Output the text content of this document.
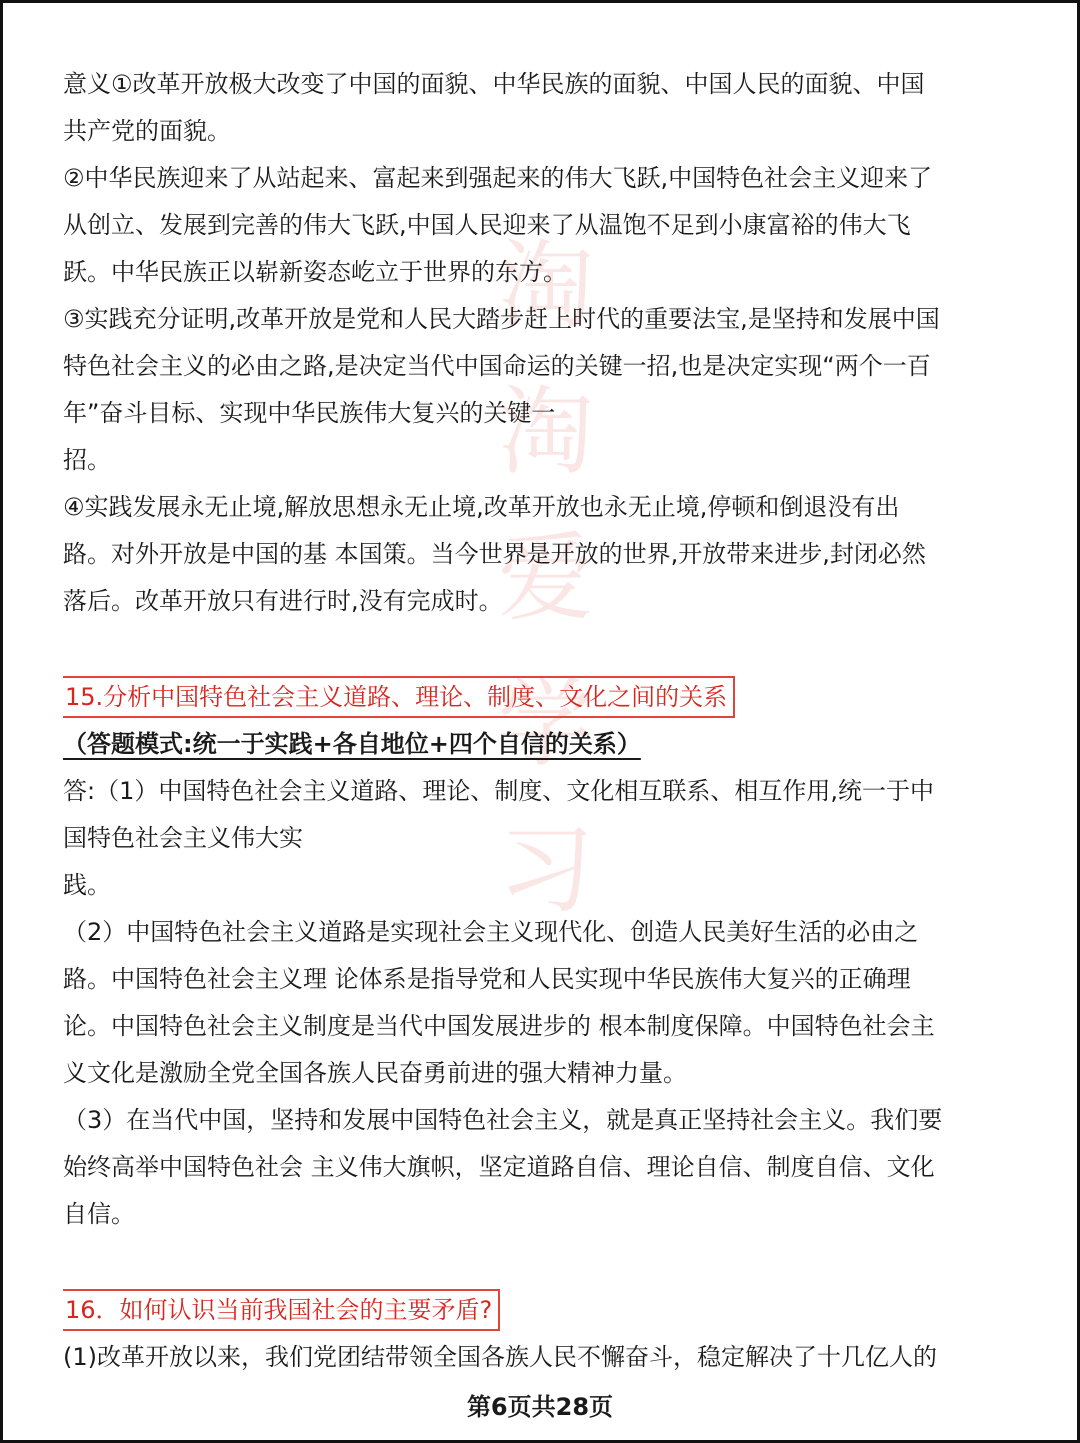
淘
淘
爱
学
习

意义①改革开放极大改变了中国的面貌、中华民族的面貌、中国人民的面貌、中国

共产党的面貌。

②中华民族迎来了从站起来、富起来到强起来的伟大飞跃,中国特色社会主义迎来了

从创立、发展到完善的伟大飞跃,中国人民迎来了从温饱不足到小康富裕的伟大飞

跃。中华民族正以崭新姿态屹立于世界的东方。

③实践充分证明,改革开放是党和人民大踏步赶上时代的重要法宝,是坚持和发展中国

特色社会主义的必由之路,是决定当代中国命运的关键一招,也是决定实现“两个一百

年”奋斗目标、实现中华民族伟大复兴的关键一

招。

④实践发展永无止境,解放思想永无止境,改革开放也永无止境,停顿和倒退没有出

路。对外开放是中国的基 本国策。当今世界是开放的世界,开放带来进步,封闭必然

落后。改革开放只有进行时,没有完成时。

15.分析中国特色社会主义道路、理论、制度、文化之间的关系

（答题模式:统一于实践+各自地位+四个自信的关系）

答:（1）中国特色社会主义道路、理论、制度、文化相互联系、相互作用,统一于中

国特色社会主义伟大实

践。

（2）中国特色社会主义道路是实现社会主义现代化、创造人民美好生活的必由之

路。中国特色社会主义理 论体系是指导党和人民实现中华民族伟大复兴的正确理

论。中国特色社会主义制度是当代中国发展进步的 根本制度保障。中国特色社会主

义文化是激励全党全国各族人民奋勇前进的强大精神力量。

（3）在当代中国，坚持和发展中国特色社会主义，就是真正坚持社会主义。我们要

始终高举中国特色社会 主义伟大旗帜，坚定道路自信、理论自信、制度自信、文化

自信。

16．如何认识当前我国社会的主要矛盾?

(1)改革开放以来，我们党团结带领全国各族人民不懈奋斗，稳定解决了十几亿人的

第6页共28页
